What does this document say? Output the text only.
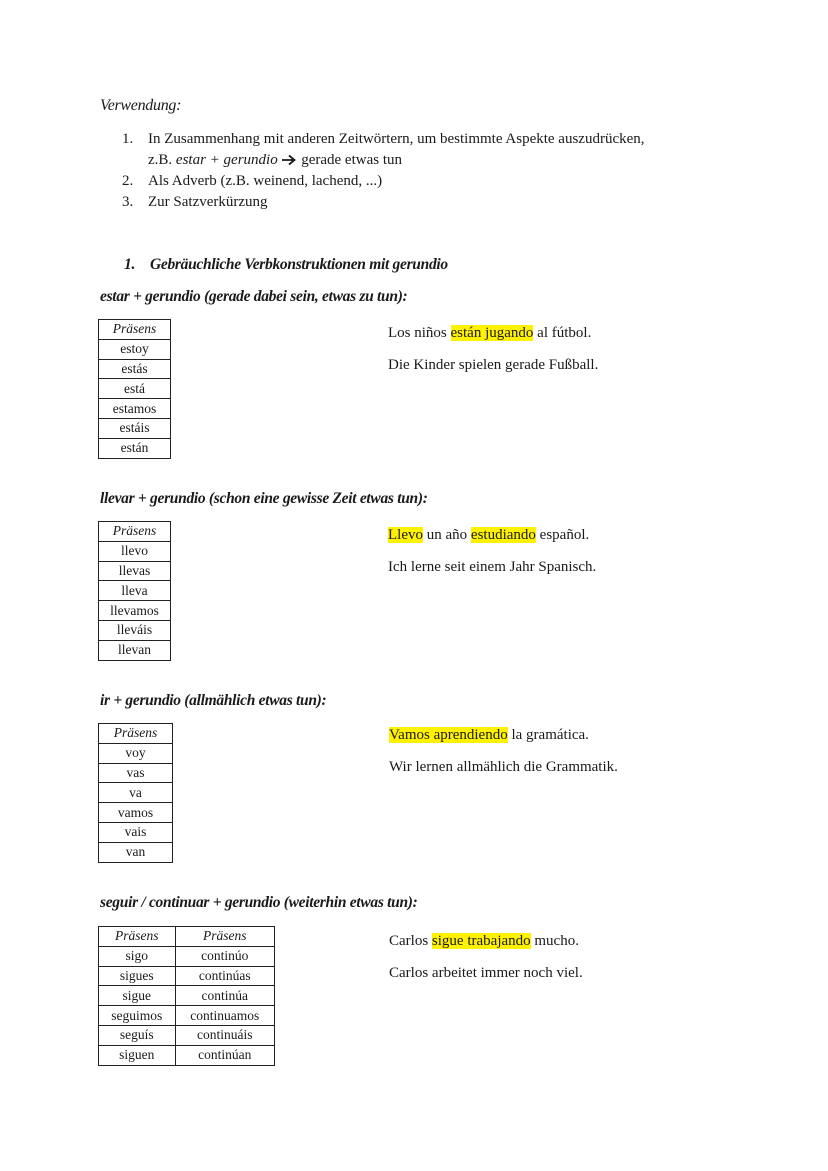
Verwendung:
1. In Zusammenhang mit anderen Zeitwörtern, um bestimmte Aspekte auszudrücken,
z.B. estar + gerundio gerade etwas tun
2. Als Adverb (z.B. weinend, lachend, ...)
3. Zur Satzverkürzung
1. Gebräuchliche Verbkonstruktionen mit gerundio
estar + gerundio (gerade dabei sein, etwas zu tun):
Präsens
estoy
estás
está
estamos
estáis
están
Los niños están jugando al fútbol.
Die Kinder spielen gerade Fußball.
llevar + gerundio (schon eine gewisse Zeit etwas tun):
Präsens
llevo
llevas
lleva
llevamos
lleváis
llevan
Llevo un año estudiando español.
Ich lerne seit einem Jahr Spanisch.
ir + gerundio (allmählich etwas tun):
Präsens
voy
vas
va
vamos
vais
van
Vamos aprendiendo la gramática.
Wir lernen allmählich die Grammatik.
seguir / continuar + gerundio (weiterhin etwas tun):
Präsens	Präsens
sigo	continúo
sigues	continúas
sigue	continúa
seguimos	continuamos
seguís	continuáis
siguen	continúan
Carlos sigue trabajando mucho.
Carlos arbeitet immer noch viel.
